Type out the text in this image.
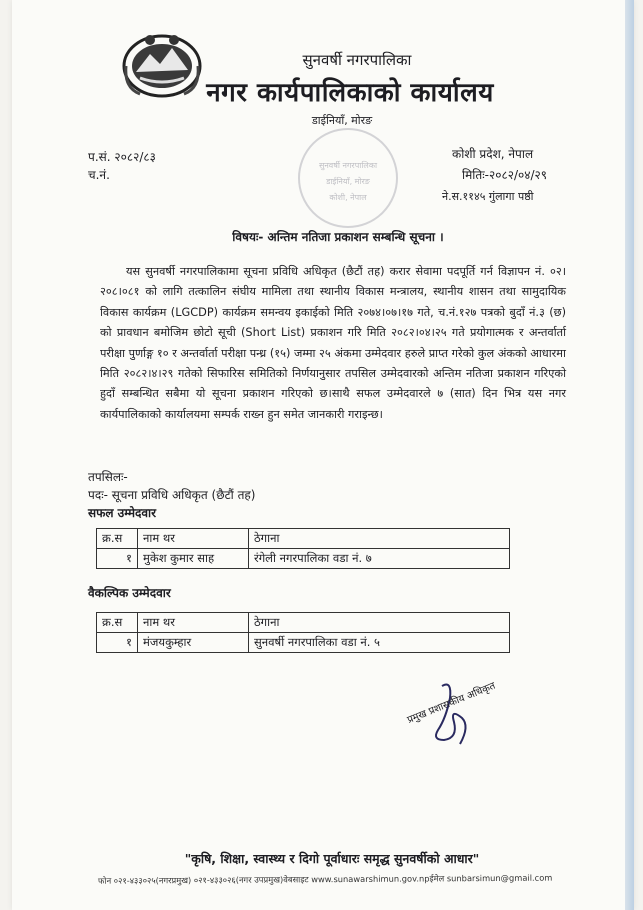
सुनवर्षी नगरपालिका
नगर कार्यपालिकाको कार्यालय
डाईनियाँ, मोरङ
प.सं. २०८२/८३
च.नं.
कोशी प्रदेश, नेपाल
मितिः-२०८२/०४/२९
ने.स.११४५ गुंलागा पष्ठी
सुनवर्षी नगरपालिका
डाईनियाँ, मोरङ
कोशी, नेपाल
विषयः- अन्तिम नतिजा प्रकाशन सम्बन्धि सूचना ।
यस सुनवर्षी नगरपालिकामा सूचना प्रविधि अधिकृत (छैटौं तह) करार सेवामा पदपूर्ति गर्न विज्ञापन नं. ०२।२०८।०८१ को लागि तत्कालिन संघीय मामिला तथा स्थानीय विकास मन्त्रालय, स्थानीय शासन तथा सामुदायिक विकास कार्यक्रम (LGCDP) कार्यक्रम समन्वय इकाईको मिति २०७४।०७।१७ गते, च.नं.१२७ पत्रको बुदाँ नं.३ (छ) को प्रावधान बमोजिम छोटो सूची (Short List) प्रकाशन गरि मिति २०८२।०४।२५ गते प्रयोगात्मक र अन्तर्वार्ता परीक्षा पुर्णाङ्ग १० र अन्तर्वार्ता परीक्षा पन्ध्र (१५) जम्मा २५ अंकमा उम्मेदवार हरुले प्राप्त गरेको कुल अंकको आधारमा मिति २०८२।४।२९ गतेको सिफारिस समितिको निर्णयानुसार तपसिल उम्मेदवारको अन्तिम नतिजा प्रकाशन गरिएको हुदाँ सम्बन्धित सबैमा यो सूचना प्रकाशन गरिएको छ।साथै सफल उम्मेदवारले ७ (सात) दिन भित्र यस नगर कार्यपालिकाको कार्यालयमा सम्पर्क राख्न हुन समेत जानकारी गराइन्छ।
तपसिलः-
पदः- सूचना प्रविधि अधिकृत (छैटौं तह)
सफल उम्मेदवार
क्र.स	नाम थर	ठेगाना
१	मुकेश कुमार साह	रंगेली नगरपालिका वडा नं. ७
वैकल्पिक उम्मेदवार
क्र.स	नाम थर	ठेगाना
१	मंजयकुम्हार	सुनवर्षी नगरपालिका वडा नं. ५
प्रमुख प्रशासकीय अधिकृत
"कृषि, शिक्षा, स्वास्थ्य र दिगो पूर्वाधारः समृद्ध सुनवर्षीको आधार"
फोन ०२१-४३३०२५(नगरप्रमुख) ०२१-४३३०२६(नगर उपप्रमुख)वेबसाइट www.sunawarshimun.gov.npईमेल sunbarsimun@gmail.com
